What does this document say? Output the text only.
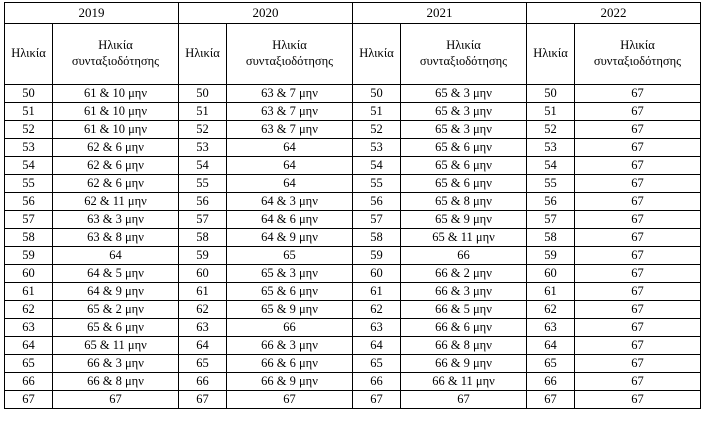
2019		2020		2021		2022	
Ηλικία	Ηλικία συνταξιοδότησης	Ηλικία	Ηλικία συνταξιοδότησης	Ηλικία	Ηλικία συνταξιοδότησης	Ηλικία	Ηλικία συνταξιοδότησης
50	61 & 10 μην	50	63 & 7 μην	50	65 & 3 μην	50	67
51	61 & 10 μην	51	63 & 7 μην	51	65 & 3 μην	51	67
52	61 & 10 μην	52	63 & 7 μην	52	65 & 3 μην	52	67
53	62 & 6 μην	53	64	53	65 & 6 μην	53	67
54	62 & 6 μην	54	64	54	65 & 6 μην	54	67
55	62 & 6 μην	55	64	55	65 & 6 μην	55	67
56	62 & 11 μην	56	64 & 3 μην	56	65 & 8 μην	56	67
57	63 & 3 μην	57	64 & 6 μην	57	65 & 9 μην	57	67
58	63 & 8 μην	58	64 & 9 μην	58	65 & 11 μην	58	67
59	64	59	65	59	66	59	67
60	64 & 5 μην	60	65 & 3 μην	60	66 & 2 μην	60	67
61	64 & 9 μην	61	65 & 6 μην	61	66 & 3 μην	61	67
62	65 & 2 μην	62	65 & 9 μην	62	66 & 5 μην	62	67
63	65 & 6 μην	63	66	63	66 & 6 μην	63	67
64	65 & 11 μην	64	66 & 3 μην	64	66 & 8 μην	64	67
65	66 & 3 μην	65	66 & 6 μην	65	66 & 9 μην	65	67
66	66 & 8 μην	66	66 & 9 μην	66	66 & 11 μην	66	67
67	67	67	67	67	67	67	67
